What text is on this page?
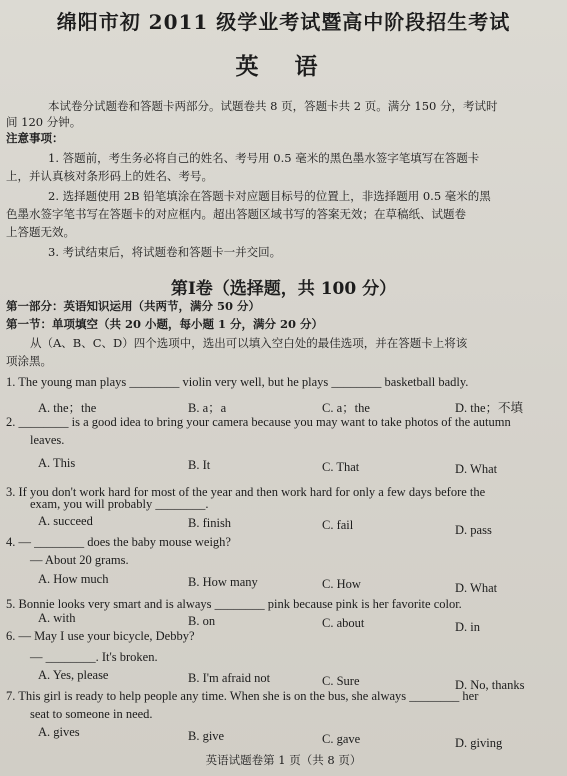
绵阳市初 2011 级学业考试暨高中阶段招生考试
英 语
本试卷分试题卷和答题卡两部分。试题卷共 8 页，答题卡共 2 页。满分 150 分，考试时
间 120 分钟。
注意事项：
1. 答题前，考生务必将自己的姓名、考号用 0.5 毫米的黑色墨水签字笔填写在答题卡
上，并认真核对条形码上的姓名、考号。
2. 选择题使用 2B 铅笔填涂在答题卡对应题目标号的位置上，非选择题用 0.5 毫米的黑
色墨水签字笔书写在答题卡的对应框内。超出答题区域书写的答案无效；在草稿纸、试题卷
上答题无效。
3. 考试结束后，将试题卷和答题卡一并交回。
第Ⅰ卷（选择题，共 100 分）
第一部分：英语知识运用（共两节，满分 50 分）
第一节：单项填空（共 20 小题，每小题 1 分，满分 20 分）
从（A、B、C、D）四个选项中，选出可以填入空白处的最佳选项，并在答题卡上将该
项涂黑。
1. The young man plays ________ violin very well, but he plays ________ basketball badly.
A. the；the	B. a；a	C. a；the	D. the；不填
2. ________ is a good idea to bring your camera because you may want to take photos of the autumn
leaves.
A. This	B. It	C. That	D. What
3. If you don't work hard for most of the year and then work hard for only a few days before the
exam, you will probably ________.
A. succeed	B. finish	C. fail	D. pass
4. — ________ does the baby mouse weigh?
— About 20 grams.
A. How much	B. How many	C. How	D. What
5. Bonnie looks very smart and is always ________ pink because pink is her favorite color.
A. with	B. on	C. about	D. in
6. — May I use your bicycle, Debby?
— ________. It's broken.
A. Yes, please	B. I'm afraid not	C. Sure	D. No, thanks
7. This girl is ready to help people any time. When she is on the bus, she always ________ her
seat to someone in need.
A. gives	B. give	C. gave	D. giving
英语试题卷第 1 页（共 8 页）
